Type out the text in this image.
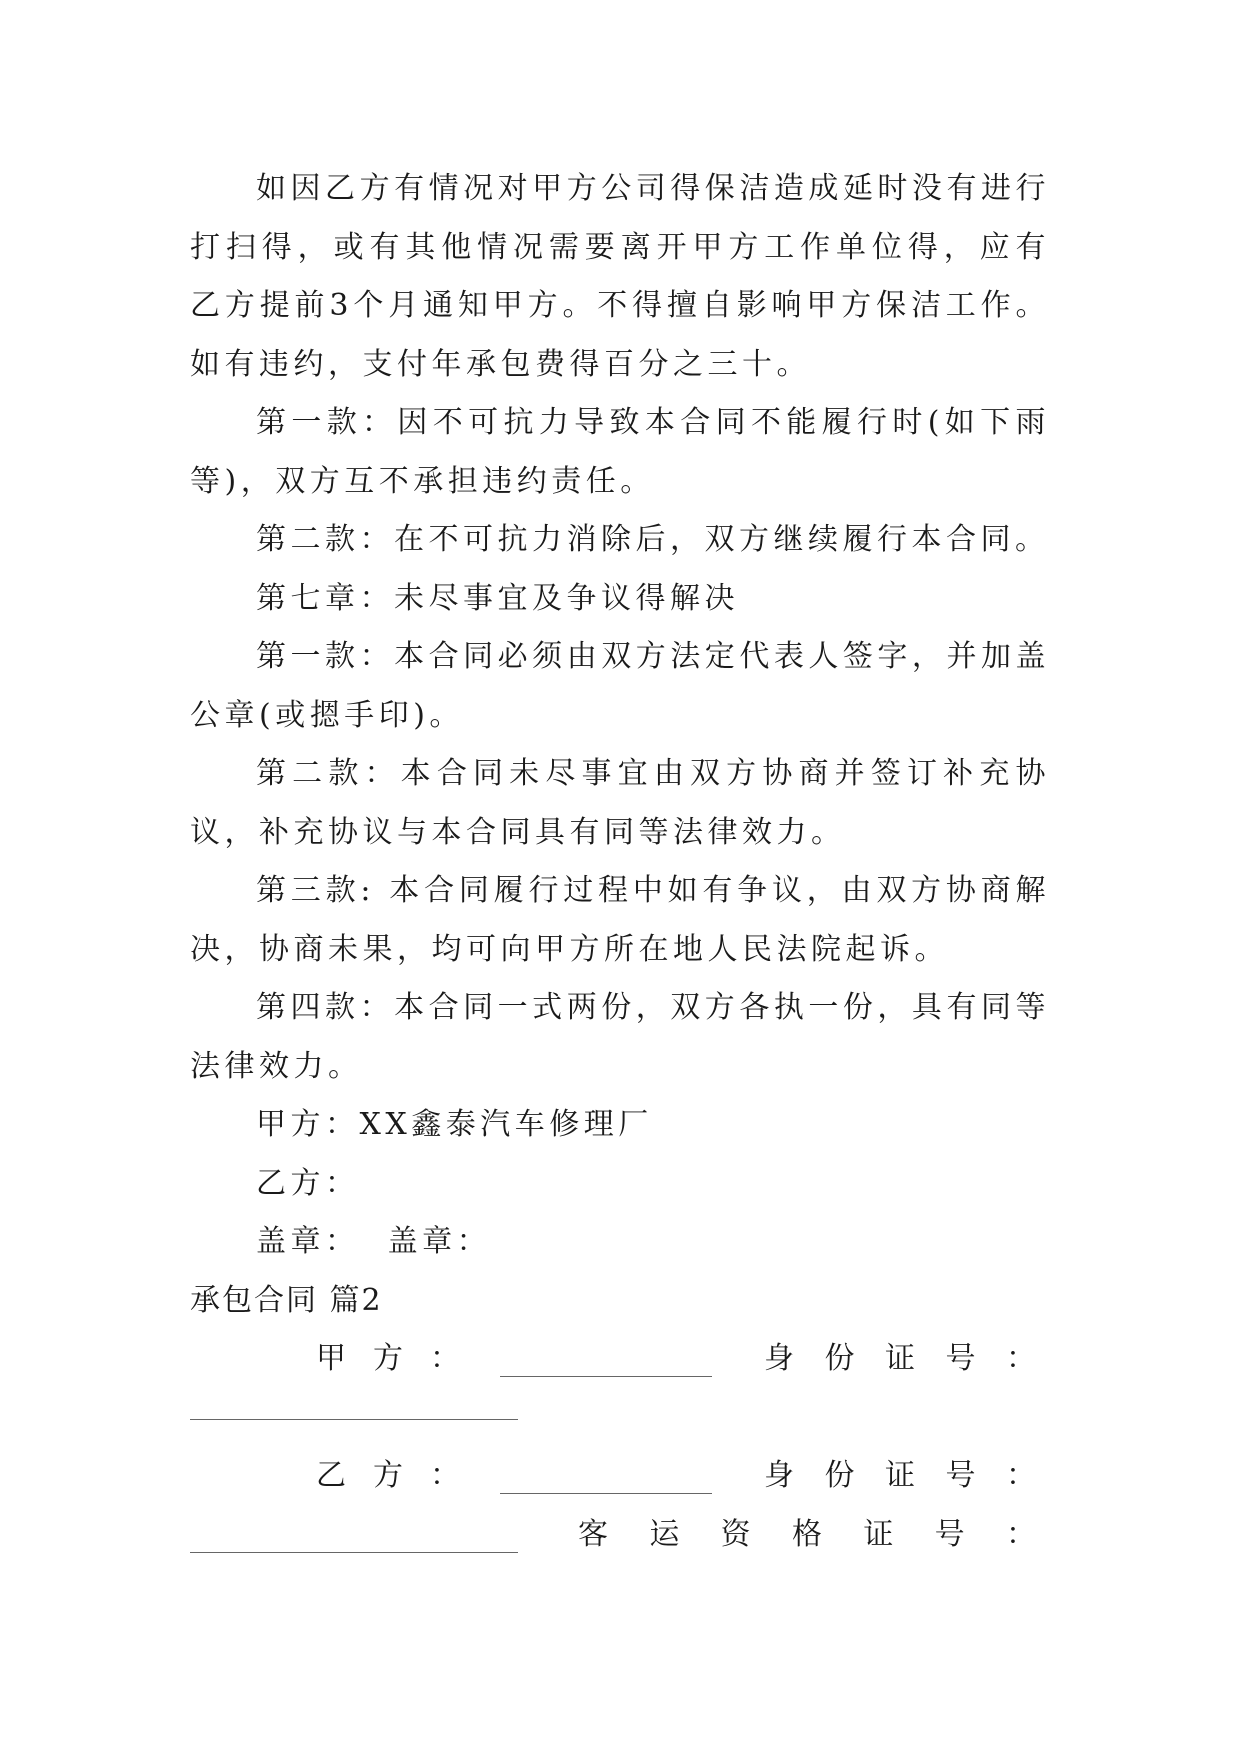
如因乙方有情况对甲方公司得保洁造成延时没有进行打扫得，或有其他情况需要离开甲方工作单位得，应有乙方提前3个月通知甲方。不得擅自影响甲方保洁工作。如有违约，支付年承包费得百分之三十。

第一款：因不可抗力导致本合同不能履行时(如下雨等)，双方互不承担违约责任。

第二款：在不可抗力消除后，双方继续履行本合同。

第七章：未尽事宜及争议得解决

第一款：本合同必须由双方法定代表人签字，并加盖公章(或摁手印)。

第二款：本合同未尽事宜由双方协商并签订补充协议，补充协议与本合同具有同等法律效力。

第三款: 本合同履行过程中如有争议，由双方协商解决，协商未果，均可向甲方所在地人民法院起诉。

第四款：本合同一式两份，双方各执一份，具有同等法律效力。

甲方：XX鑫泰汽车修理厂

乙方：

盖章：  盖章：

承包合同 篇2

甲 方 ：	身 份 证 号 ：
乙 方 ：	身 份 证 号 ：
客 运 资 格 证 号 ：
